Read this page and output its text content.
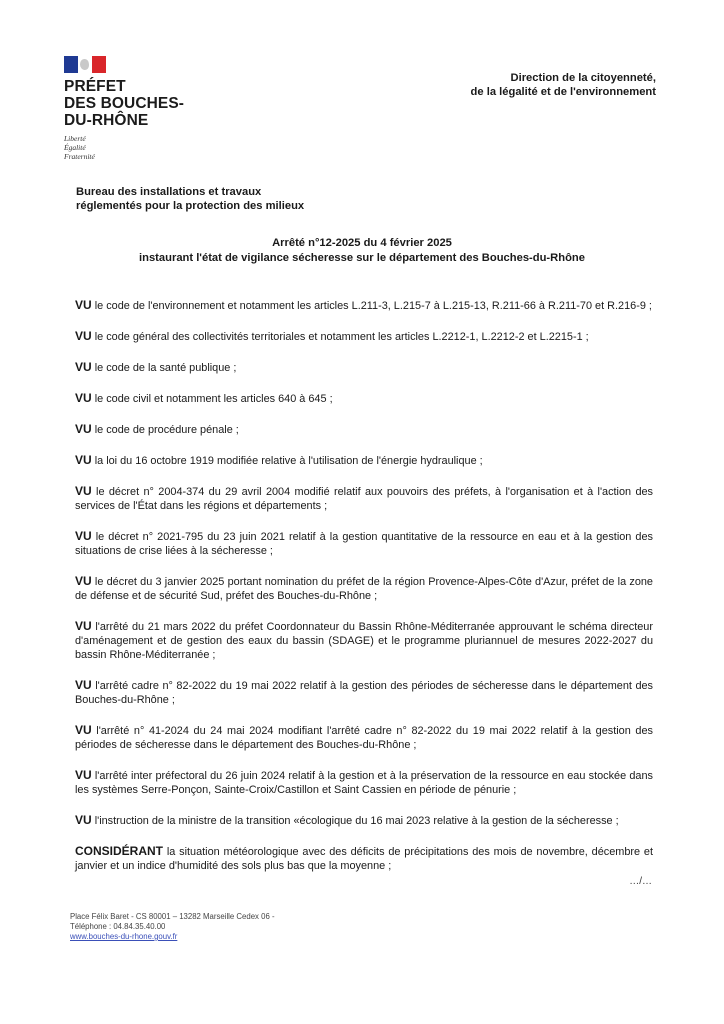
PRÉFET
DES BOUCHES-
DU-RHÔNE
Liberté
Égalité
Fraternité
Direction de la citoyenneté,
de la légalité et de l'environnement
Bureau des installations et travaux
réglementés pour la protection des milieux
Arrêté n°12-2025 du 4 février 2025
instaurant l'état de vigilance sécheresse sur le département des Bouches-du-Rhône

VU le code de l'environnement et notamment les articles L.211-3, L.215-7 à L.215-13, R.211-66 à R.211-70 et R.216-9 ;

VU le code général des collectivités territoriales et notamment les articles L.2212-1, L.2212-2 et L.2215-1 ;

VU le code de la santé publique ;

VU le code civil et notamment les articles 640 à 645 ;

VU le code de procédure pénale ;

VU la loi du 16 octobre 1919 modifiée relative à l'utilisation de l'énergie hydraulique ;

VU le décret n° 2004-374 du 29 avril 2004 modifié relatif aux pouvoirs des préfets, à l'organisation et à l'action des services de l'État dans les régions et départements ;

VU le décret n° 2021-795 du 23 juin 2021 relatif à la gestion quantitative de la ressource en eau et à la gestion des situations de crise liées à la sécheresse ;

VU le décret du 3 janvier 2025 portant nomination du préfet de la région Provence-Alpes-Côte d'Azur, préfet de la zone de défense et de sécurité Sud, préfet des Bouches-du-Rhône ;

VU l'arrêté du 21 mars 2022 du préfet Coordonnateur du Bassin Rhône-Méditerranée approuvant le schéma directeur d'aménagement et de gestion des eaux du bassin (SDAGE) et le programme pluriannuel de mesures 2022-2027 du bassin Rhône-Méditerranée ;

VU l'arrêté cadre n° 82-2022 du 19 mai 2022 relatif à la gestion des périodes de sécheresse dans le département des Bouches-du-Rhône ;

VU l'arrêté n° 41-2024 du 24 mai 2024 modifiant l'arrêté cadre n° 82-2022 du 19 mai 2022 relatif à la gestion des périodes de sécheresse dans le département des Bouches-du-Rhône ;

VU l'arrêté inter préfectoral du 26 juin 2024 relatif à la gestion et à la préservation de la ressource en eau stockée dans les systèmes Serre-Ponçon, Sainte-Croix/Castillon et Saint Cassien en période de pénurie ;

VU l'instruction de la ministre de la transition «écologique du 16 mai 2023 relative à la gestion de la sécheresse ;

CONSIDÉRANT la situation météorologique avec des déficits de précipitations des mois de novembre, décembre et janvier et un indice d'humidité des sols plus bas que la moyenne ;

…/…
Place Félix Baret - CS 80001 – 13282 Marseille Cedex 06 -
Téléphone : 04.84.35.40.00
www.bouches-du-rhone.gouv.fr
